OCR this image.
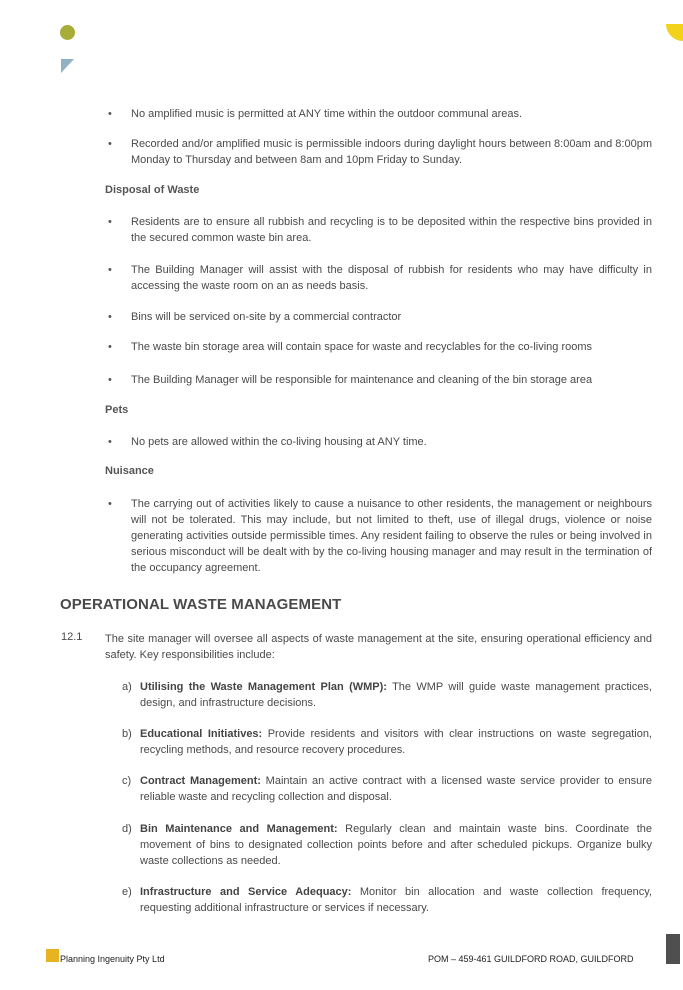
• No amplified music is permitted at ANY time within the outdoor communal areas.
• Recorded and/or amplified music is permissible indoors during daylight hours between 8:00am and 8:00pm Monday to Thursday and between 8am and 10pm Friday to Sunday.
Disposal of Waste
• Residents are to ensure all rubbish and recycling is to be deposited within the respective bins provided in the secured common waste bin area.
• The Building Manager will assist with the disposal of rubbish for residents who may have difficulty in accessing the waste room on an as needs basis.
• Bins will be serviced on-site by a commercial contractor
• The waste bin storage area will contain space for waste and recyclables for the co-living rooms
• The Building Manager will be responsible for maintenance and cleaning of the bin storage area
Pets
• No pets are allowed within the co-living housing at ANY time.
Nuisance
• The carrying out of activities likely to cause a nuisance to other residents, the management or neighbours will not be tolerated. This may include, but not limited to theft, use of illegal drugs, violence or noise generating activities outside permissible times. Any resident failing to observe the rules or being involved in serious misconduct will be dealt with by the co-living housing manager and may result in the termination of the occupancy agreement.
OPERATIONAL WASTE MANAGEMENT
12.1 The site manager will oversee all aspects of waste management at the site, ensuring operational efficiency and safety. Key responsibilities include:
a) Utilising the Waste Management Plan (WMP): The WMP will guide waste management practices, design, and infrastructure decisions.
b) Educational Initiatives: Provide residents and visitors with clear instructions on waste segregation, recycling methods, and resource recovery procedures.
c) Contract Management: Maintain an active contract with a licensed waste service provider to ensure reliable waste and recycling collection and disposal.
d) Bin Maintenance and Management: Regularly clean and maintain waste bins. Coordinate the movement of bins to designated collection points before and after scheduled pickups. Organize bulky waste collections as needed.
e) Infrastructure and Service Adequacy: Monitor bin allocation and waste collection frequency, requesting additional infrastructure or services if necessary.
Planning Ingenuity Pty Ltd	POM – 459-461 GUILDFORD ROAD, GUILDFORD
